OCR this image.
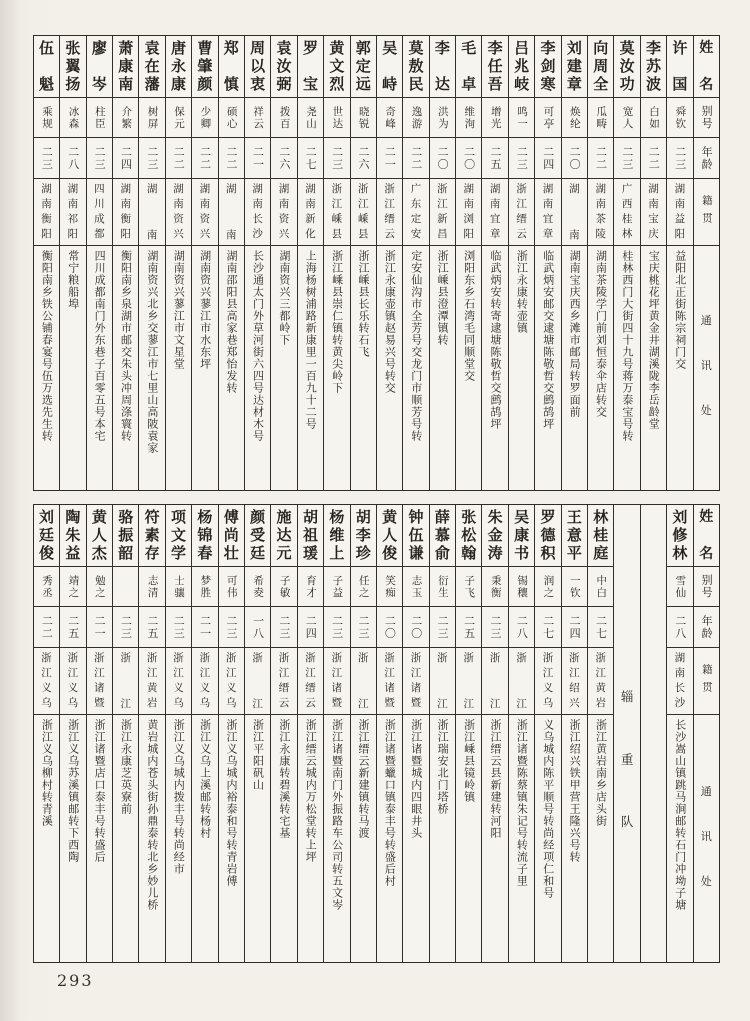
姓
名
别号
年龄
籍贯
通
讯
处
许
国
舜钦
二三
湖
南
益
阳
益阳北正街陈宗祠门交
李
苏
波
白如
二二
湖
南
宝
庆
宝庆桃花坪黄金井湖溪陇李岳龄堂
莫
汝
功
宽人
二三
广
西
桂
林
桂林西门大街四十九号蒋万泰宝号转
向
周
全
瓜畴
二二
湖
南
茶
陵
湖南茶陵学门前刘恒泰伞店转交
刘
建
章
焕纶
二〇
湖
南
湖南宝庆西乡滩市邮局转罗面前
李
剑
寒
可亭
二四
湖
南
宜
章
临武炳安邮交逮塘陈敬哲交鹧鸪坪
吕
兆
岐
鸣一
二三
浙
江
缙
云
浙江永康转壶镇
李
任
吾
增光
二五
湖
南
宜
章
临武炳安转寄逮塘陈敬哲交鹧鸪坪
毛
卓
维洵
二〇
湖
南
浏
阳
浏阳东乡石湾毛同顺堂交
李
达
洪为
二〇
浙
江
新
昌
浙江嵊县澄潭镇转
莫
敖
民
逸游
二二
广
东
定
安
定安仙沟市全芳号交龙门市顺芳号转
吴
峙
奇峰
二一
浙
江
缙
云
浙江永康壶镇赵易兴号转交
郭
定
远
晓锐
二六
浙
江
嵊
县
浙江嵊县长乐转石飞
黄
文
烈
世达
二三
浙
江
嵊
县
浙江嵊县崇仁镇转黄尖岭下
罗
宝
尧山
二七
湖
南
新
化
上海杨树浦路新康里一百九十二号
袁
汝
弼
拨百
二六
湖
南
资
兴
湖南资兴三都岭下
周
以
衷
祥云
二一
湖
南
长
沙
长沙通太门外草河街六四号达材木号
郑
慎
硕心
二二
湖
南
湖南邵阳县高家巷郑怡发转
曹
肇
颜
少卿
二二
湖
南
资
兴
湖南资兴蓼江市水东坪
唐
永
康
保元
二二
湖
南
资
兴
湖南资兴蓼江市文星堂
袁
在
藩
树屏
二三
湖
南
湖南资兴北乡交蓼江市七里山高陂袁家
萧
康
南
介繁
二四
湖
南
衡
阳
衡阳南乡泉湖市邮交朱头冲周涤寰转
廖
岑
柱臣
二三
四
川
成
都
四川成都南门外东巷子百零五号本宅
张
翼
扬
冰森
二八
湖
南
祁
阳
常宁粮船埠
伍
魁
乘规
二三
湖
南
衡
阳
衡阳南乡铁公铺春宴号伍万选先生转
姓
名
别号
年龄
籍贯
通
讯
处
刘
修
林
雪仙
二八
湖
南
长
沙
长沙嵩山镇跳马涧邮转石门冲坳子塘
辎
重
队
林
桂
庭
中白
二七
浙
江
黄
岩
浙江黄岩南乡店头街
王
意
平
一钦
二四
浙
江
绍
兴
浙江绍兴铁甲营王隆兴号转
罗
德
积
润之
二七
浙
江
义
乌
义乌城内陈平顺号转尚经项仁和号
吴
康
书
锡穰
二八
浙
江
浙江诸暨陈蔡镇朱记号转流子里
朱
金
涛
秉衡
二三
浙
江
浙江缙云县新建转河阳
张
松
翰
子飞
二五
浙
江
浙江嵊县镜岭镇
薛
慕
俞
衍生
二三
浙
江
浙江瑞安北门塔桥
钟
伍
谦
志玉
二〇
浙
江
诸
暨
浙江诸暨城内四眼井头
黄
人
俊
笑痴
二〇
浙
江
诸
暨
浙江诸暨蠟口镇泰丰号转盛后村
胡
李
珍
任之
二三
浙
江
浙江缙云新建镇转马渡
杨
维
上
子益
二三
浙
江
诸
暨
浙江诸暨南门外振路车公司转五文岑
胡
祖
瑗
育才
二四
浙
江
缙
云
浙江缙云城内万松堂转上坪
施
达
元
子敏
二三
浙
江
缙
云
浙江永康转碧溪转宅基
颜
受
廷
希夌
一八
浙
江
浙江平阳矾山
傅
尚
壮
可伟
二三
浙
江
义
乌
浙江义乌城内裕泰和号转青岩傅
杨
锦
春
梦胜
二一
浙
江
义
乌
浙江义乌上溪邮转杨村
项
文
学
士骧
二三
浙
江
义
乌
浙江义乌城内拨丰号转尚经市
符
素
存
志清
二五
浙
江
黄
岩
黄岩城内苍头街孙鼎泰转北乡妙儿桥
骆
振
韶
二三
浙
江
浙江永康芝英寮前
黄
人
杰
勉之
二一
浙
江
诸
暨
浙江诸暨店口泰丰号转盛后
陶
朱
益
靖之
二五
浙
江
义
乌
浙江义乌苏溪镇邮转下西陶
刘
廷
俊
秀丞
二二
浙
江
义
乌
浙江义乌柳村转青溪
293
